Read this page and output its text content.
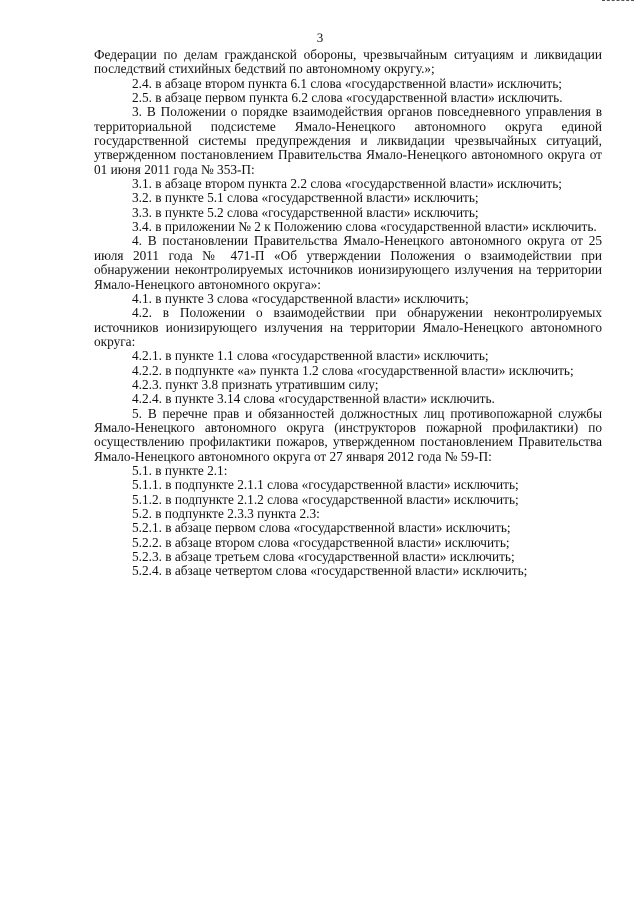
3

Федерации по делам гражданской обороны, чрезвычайным ситуациям и ликвидации последствий стихийных бедствий по автономному округу.»;

2.4. в абзаце втором пункта 6.1 слова «государственной власти» исключить;

2.5. в абзаце первом пункта 6.2 слова «государственной власти» исключить.

3. В Положении о порядке взаимодействия органов повседневного управления в территориальной подсистеме Ямало-Ненецкого автономного округа единой государственной системы предупреждения и ликвидации чрезвычайных ситуаций, утвержденном постановлением Правительства Ямало-Ненецкого автономного округа от 01 июня 2011 года № 353-П:

3.1. в абзаце втором пункта 2.2 слова «государственной власти» исключить;

3.2. в пункте 5.1 слова «государственной власти» исключить;

3.3. в пункте 5.2 слова «государственной власти» исключить;

3.4. в приложении № 2 к Положению слова «государственной власти» исключить.

4. В постановлении Правительства Ямало-Ненецкого автономного округа от 25 июля 2011 года № 471-П «Об утверждении Положения о взаимодействии при обнаружении неконтролируемых источников ионизирующего излучения на территории Ямало-Ненецкого автономного округа»:

4.1. в пункте 3 слова «государственной власти» исключить;

4.2. в Положении о взаимодействии при обнаружении неконтролируемых источников ионизирующего излучения на территории Ямало-Ненецкого автономного округа:

4.2.1. в пункте 1.1 слова «государственной власти» исключить;

4.2.2. в подпункте «а» пункта 1.2 слова «государственной власти» исключить;

4.2.3. пункт 3.8 признать утратившим силу;

4.2.4. в пункте 3.14 слова «государственной власти» исключить.

5. В перечне прав и обязанностей должностных лиц противопожарной службы Ямало-Ненецкого автономного округа (инструкторов пожарной профилактики) по осуществлению профилактики пожаров, утвержденном постановлением Правительства Ямало-Ненецкого автономного округа от 27 января 2012 года № 59-П:

5.1. в пункте 2.1:

5.1.1. в подпункте 2.1.1 слова «государственной власти» исключить;

5.1.2. в подпункте 2.1.2 слова «государственной власти» исключить;

5.2. в подпункте 2.3.3 пункта 2.3:

5.2.1. в абзаце первом слова «государственной власти» исключить;

5.2.2. в абзаце втором слова «государственной власти» исключить;

5.2.3. в абзаце третьем слова «государственной власти» исключить;

5.2.4. в абзаце четвертом слова «государственной власти» исключить;
